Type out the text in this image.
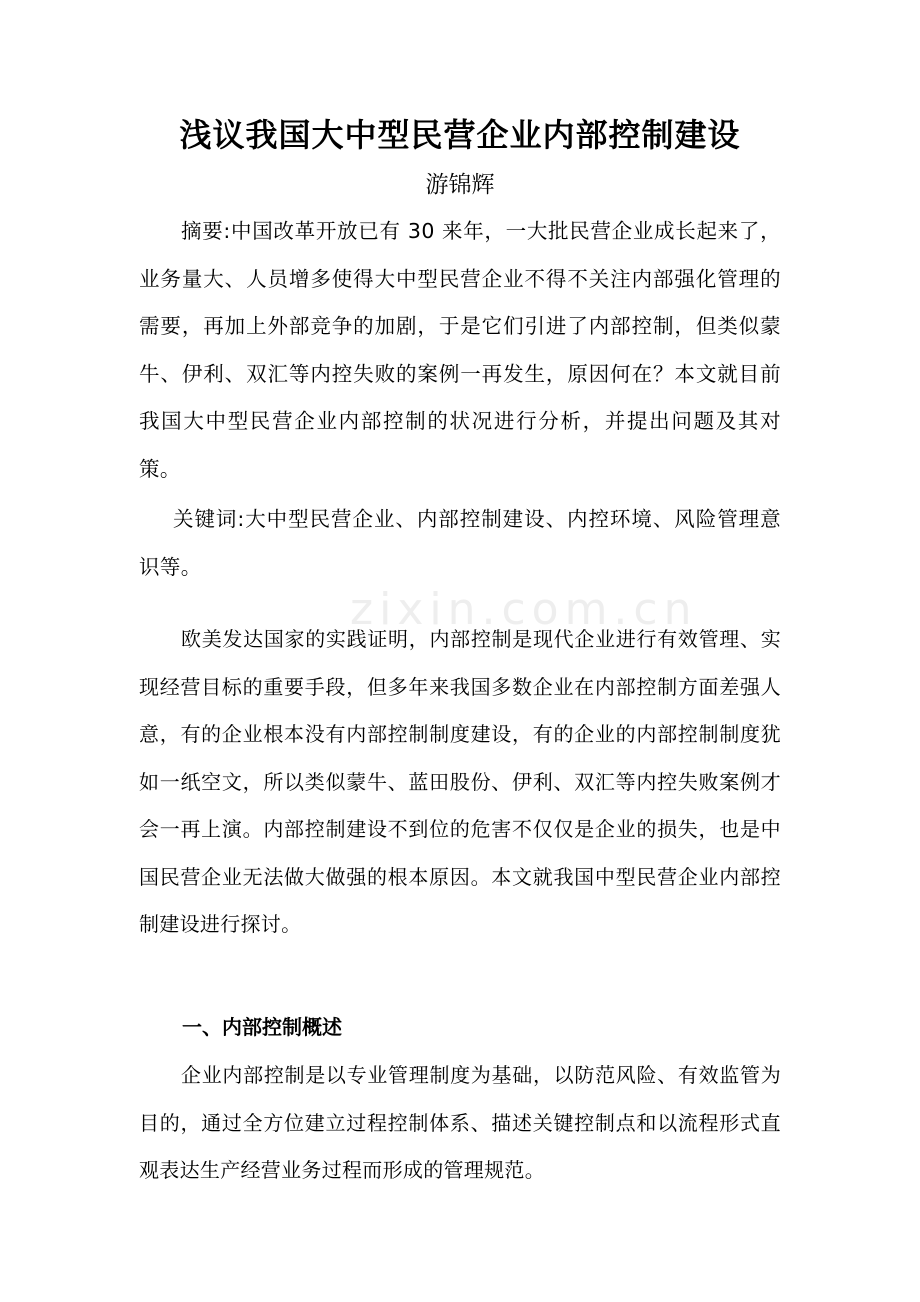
zixin.com.cn
浅议我国大中型民营企业内部控制建设

游锦辉

摘要:中国改革开放已有 30 来年，一大批民营企业成长起来了，业务量大、人员增多使得大中型民营企业不得不关注内部强化管理的需要，再加上外部竞争的加剧，于是它们引进了内部控制，但类似蒙牛、伊利、双汇等内控失败的案例一再发生，原因何在？本文就目前我国大中型民营企业内部控制的状况进行分析，并提出问题及其对策。

关键词:大中型民营企业、内部控制建设、内控环境、风险管理意识等。

欧美发达国家的实践证明，内部控制是现代企业进行有效管理、实现经营目标的重要手段，但多年来我国多数企业在内部控制方面差强人意，有的企业根本没有内部控制制度建设，有的企业的内部控制制度犹如一纸空文，所以类似蒙牛、蓝田股份、伊利、双汇等内控失败案例才会一再上演。内部控制建设不到位的危害不仅仅是企业的损失，也是中国民营企业无法做大做强的根本原因。本文就我国中型民营企业内部控制建设进行探讨。

一、内部控制概述

企业内部控制是以专业管理制度为基础，以防范风险、有效监管为目的，通过全方位建立过程控制体系、描述关键控制点和以流程形式直观表达生产经营业务过程而形成的管理规范。
